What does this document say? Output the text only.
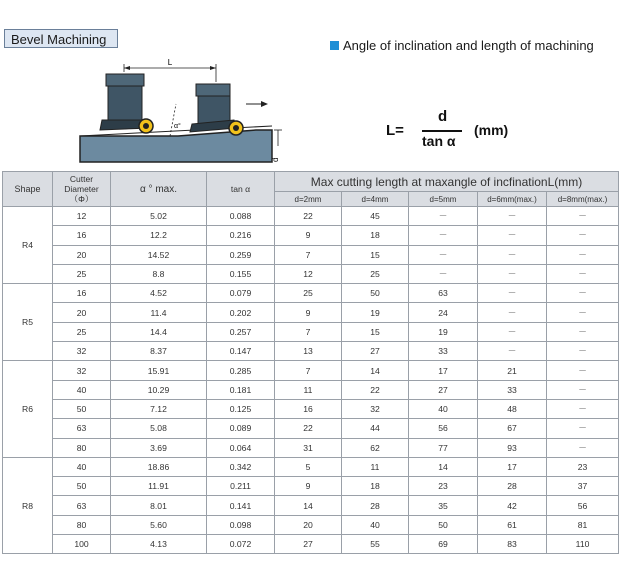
Bevel Machining	Angle of inclination and length of machining
L
α°
d
L=
d
tan α
(mm)
Shape	Cutter
Diameter
（Φ）	α ° max.	tan α	Max cutting length at maxangle of incfinationL(mm)				
				d=2mm	d=4mm	d=5mm	d=6mm(max.)	d=8mm(max.)
R4	12	5.02	0.088	22	45	－	－	－
	16	12.2	0.216	9	18	－	－	－
	20	14.52	0.259	7	15	－	－	－
	25	8.8	0.155	12	25	－	－	－
R5	16	4.52	0.079	25	50	63	－	－
	20	11.4	0.202	9	19	24	－	－
	25	14.4	0.257	7	15	19	－	－
	32	8.37	0.147	13	27	33	－	－
R6	32	15.91	0.285	7	14	17	21	－
	40	10.29	0.181	11	22	27	33	－
	50	7.12	0.125	16	32	40	48	－
	63	5.08	0.089	22	44	56	67	－
	80	3.69	0.064	31	62	77	93	－
R8	40	18.86	0.342	5	11	14	17	23
	50	11.91	0.211	9	18	23	28	37
	63	8.01	0.141	14	28	35	42	56
	80	5.60	0.098	20	40	50	61	81
	100	4.13	0.072	27	55	69	83	110
